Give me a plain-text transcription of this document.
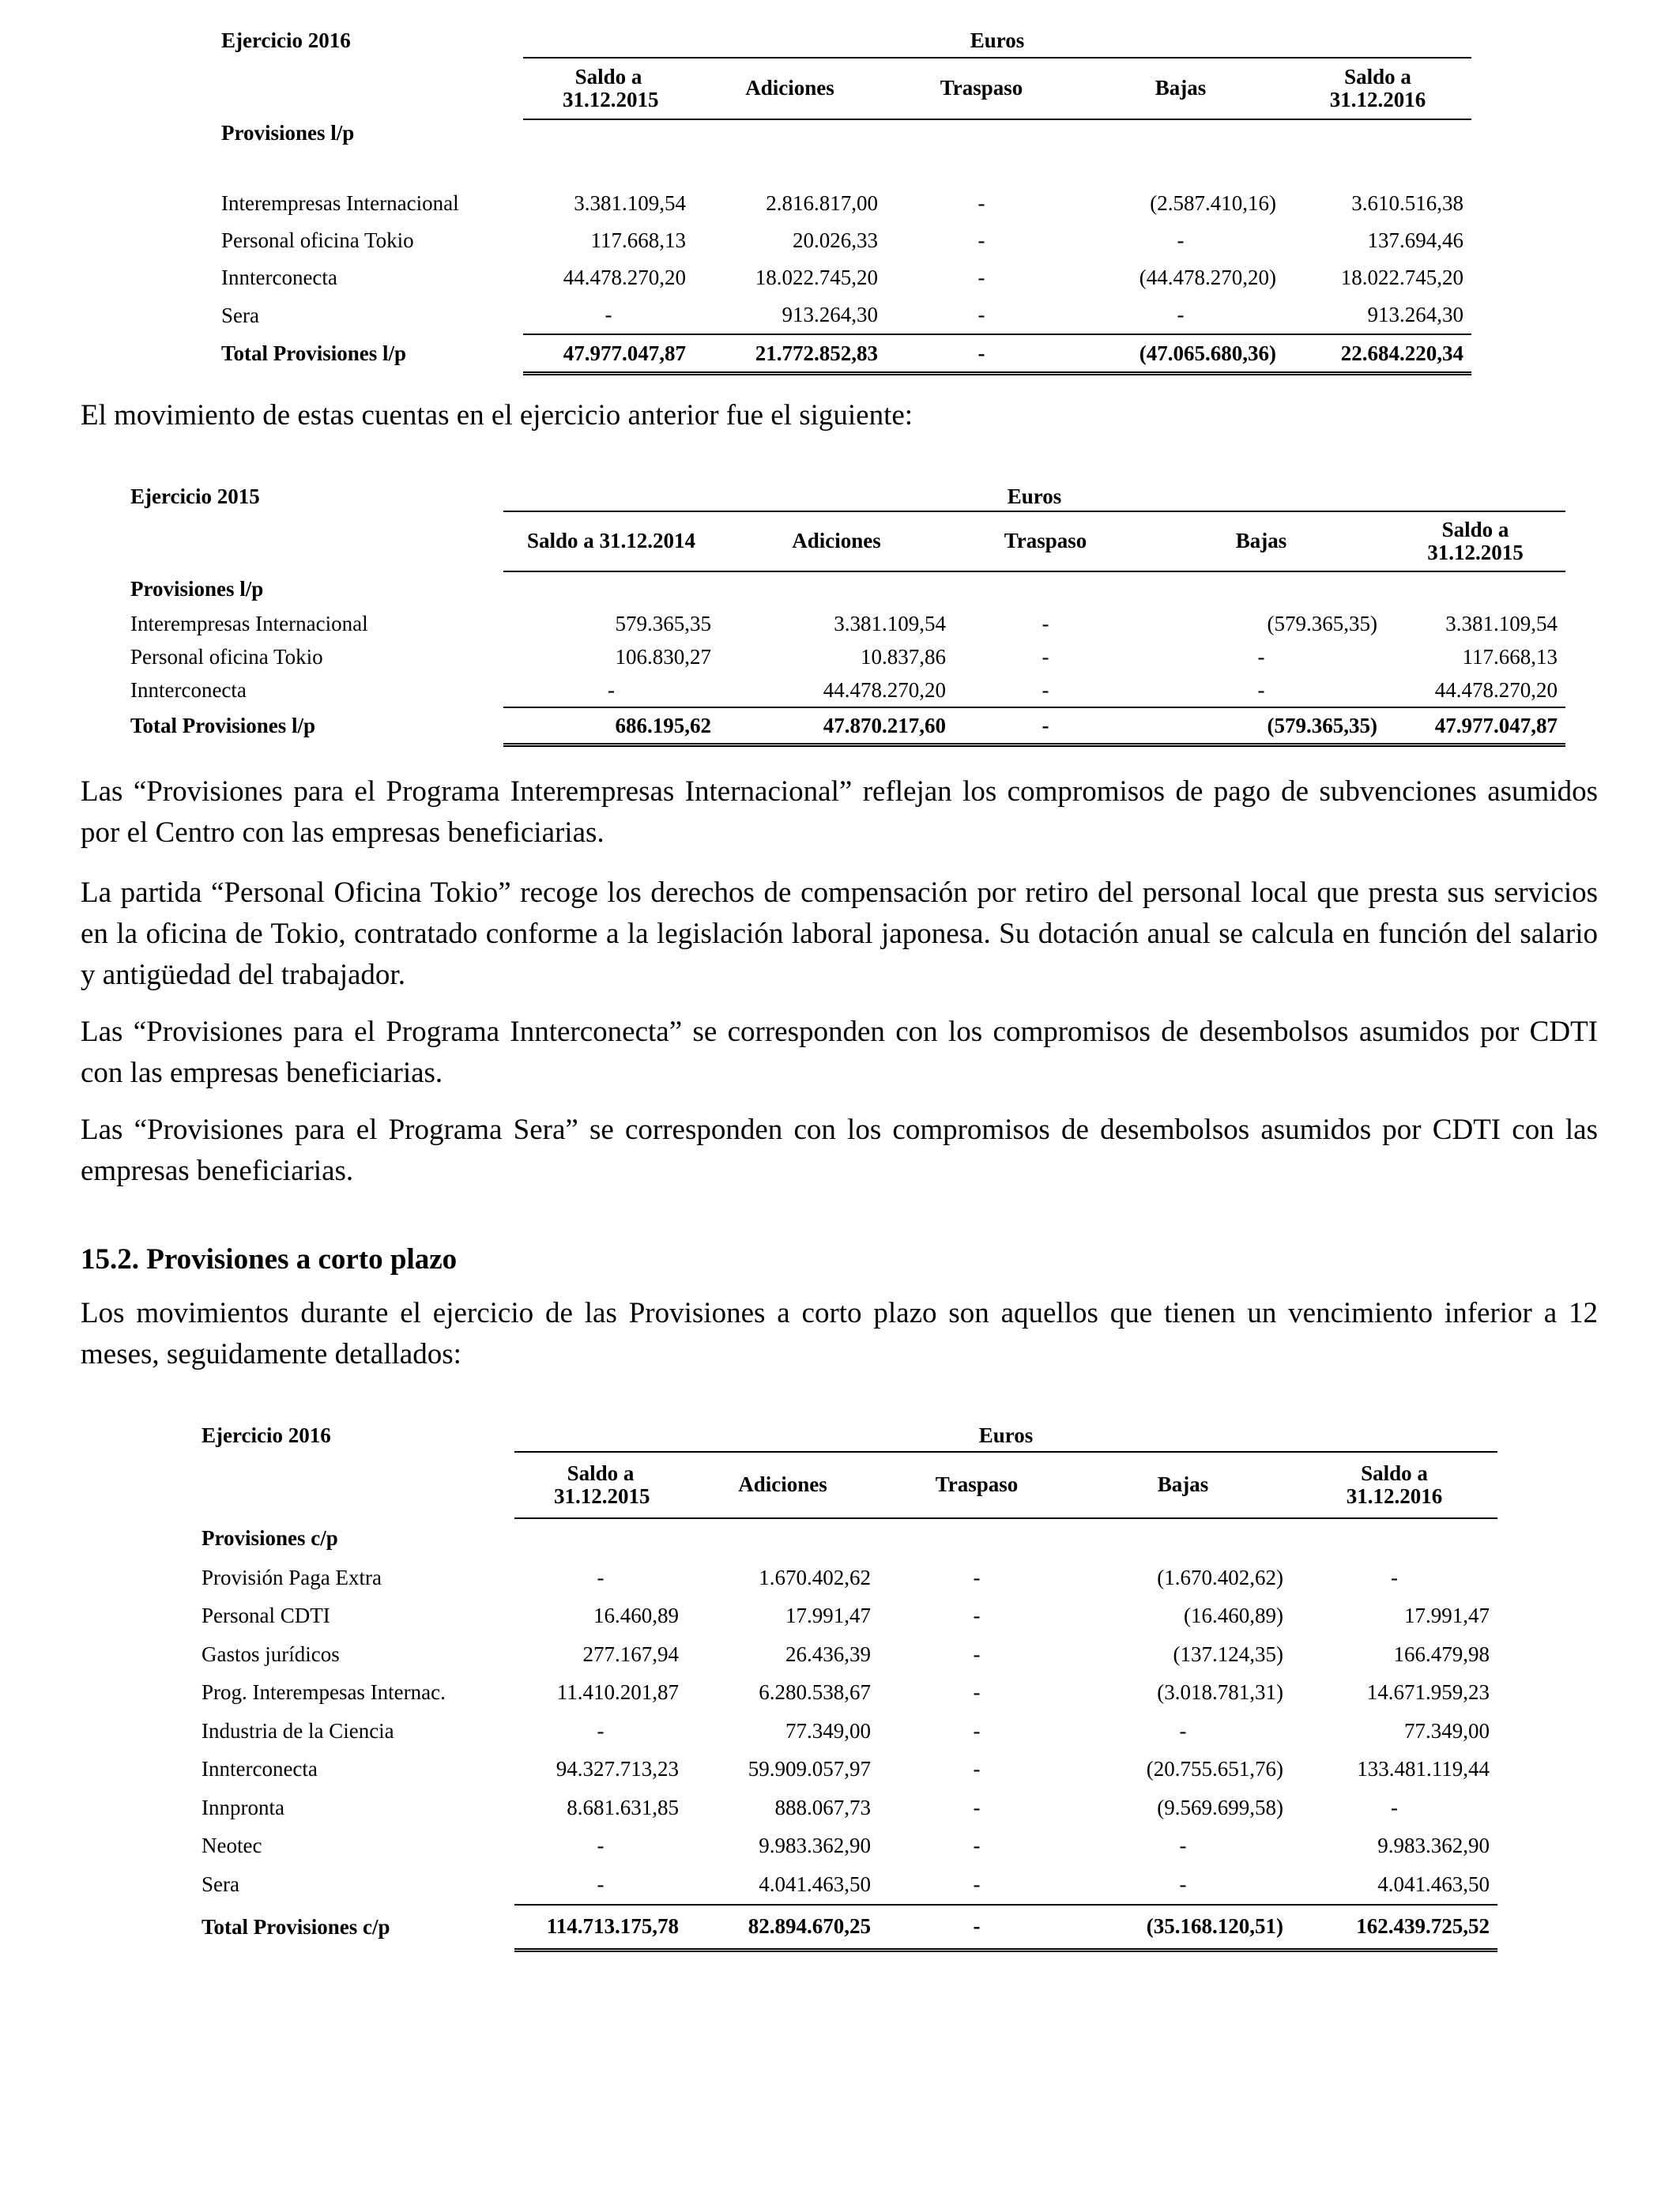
Ejercicio 2016	Euros				
	Saldo a 31.12.2015	Adiciones	Traspaso	Bajas	Saldo a 31.12.2016
Provisiones l/p					

Interempresas Internacional	3.381.109,54	2.816.817,00	-	(2.587.410,16)	3.610.516,38
Personal oficina Tokio	117.668,13	20.026,33	-	-	137.694,46
Innterconecta	44.478.270,20	18.022.745,20	-	(44.478.270,20)	18.022.745,20
Sera	-	913.264,30	-	-	913.264,30
Total Provisiones l/p	47.977.047,87	21.772.852,83	-	(47.065.680,36)	22.684.220,34

El movimiento de estas cuentas en el ejercicio anterior fue el siguiente:

Ejercicio 2015	Euros				
	Saldo a 31.12.2014	Adiciones	Traspaso	Bajas	Saldo a 31.12.2015
Provisiones l/p					
Interempresas Internacional	579.365,35	3.381.109,54	-	(579.365,35)	3.381.109,54
Personal oficina Tokio	106.830,27	10.837,86	-	-	117.668,13
Innterconecta	-	44.478.270,20	-	-	44.478.270,20
Total Provisiones l/p	686.195,62	47.870.217,60	-	(579.365,35)	47.977.047,87

Las “Provisiones para el Programa Interempresas Internacional” reflejan los compromisos de pago de subvenciones asumidos por el Centro con las empresas beneficiarias.

La partida “Personal Oficina Tokio” recoge los derechos de compensación por retiro del personal local que presta sus servicios en la oficina de Tokio, contratado conforme a la legislación laboral japonesa. Su dotación anual se calcula en función del salario y antigüedad del trabajador.

Las “Provisiones para el Programa Innterconecta” se corresponden con los compromisos de desembolsos asumidos por CDTI con las empresas beneficiarias.

Las “Provisiones para el Programa Sera” se corresponden con los compromisos de desembolsos asumidos por CDTI con las empresas beneficiarias.

15.2. Provisiones a corto plazo

Los movimientos durante el ejercicio de las Provisiones a corto plazo son aquellos que tienen un vencimiento inferior a 12 meses, seguidamente detallados:

Ejercicio 2016	Euros				
	Saldo a 31.12.2015	Adiciones	Traspaso	Bajas	Saldo a 31.12.2016
Provisiones c/p					
Provisión Paga Extra	-	1.670.402,62	-	(1.670.402,62)	-
Personal CDTI	16.460,89	17.991,47	-	(16.460,89)	17.991,47
Gastos jurídicos	277.167,94	26.436,39	-	(137.124,35)	166.479,98
Prog. Interempesas Internac.	11.410.201,87	6.280.538,67	-	(3.018.781,31)	14.671.959,23
Industria de la Ciencia	-	77.349,00	-	-	77.349,00
Innterconecta	94.327.713,23	59.909.057,97	-	(20.755.651,76)	133.481.119,44
Innpronta	8.681.631,85	888.067,73	-	(9.569.699,58)	-
Neotec	-	9.983.362,90	-	-	9.983.362,90
Sera	-	4.041.463,50	-	-	4.041.463,50
Total Provisiones c/p	114.713.175,78	82.894.670,25	-	(35.168.120,51)	162.439.725,52
